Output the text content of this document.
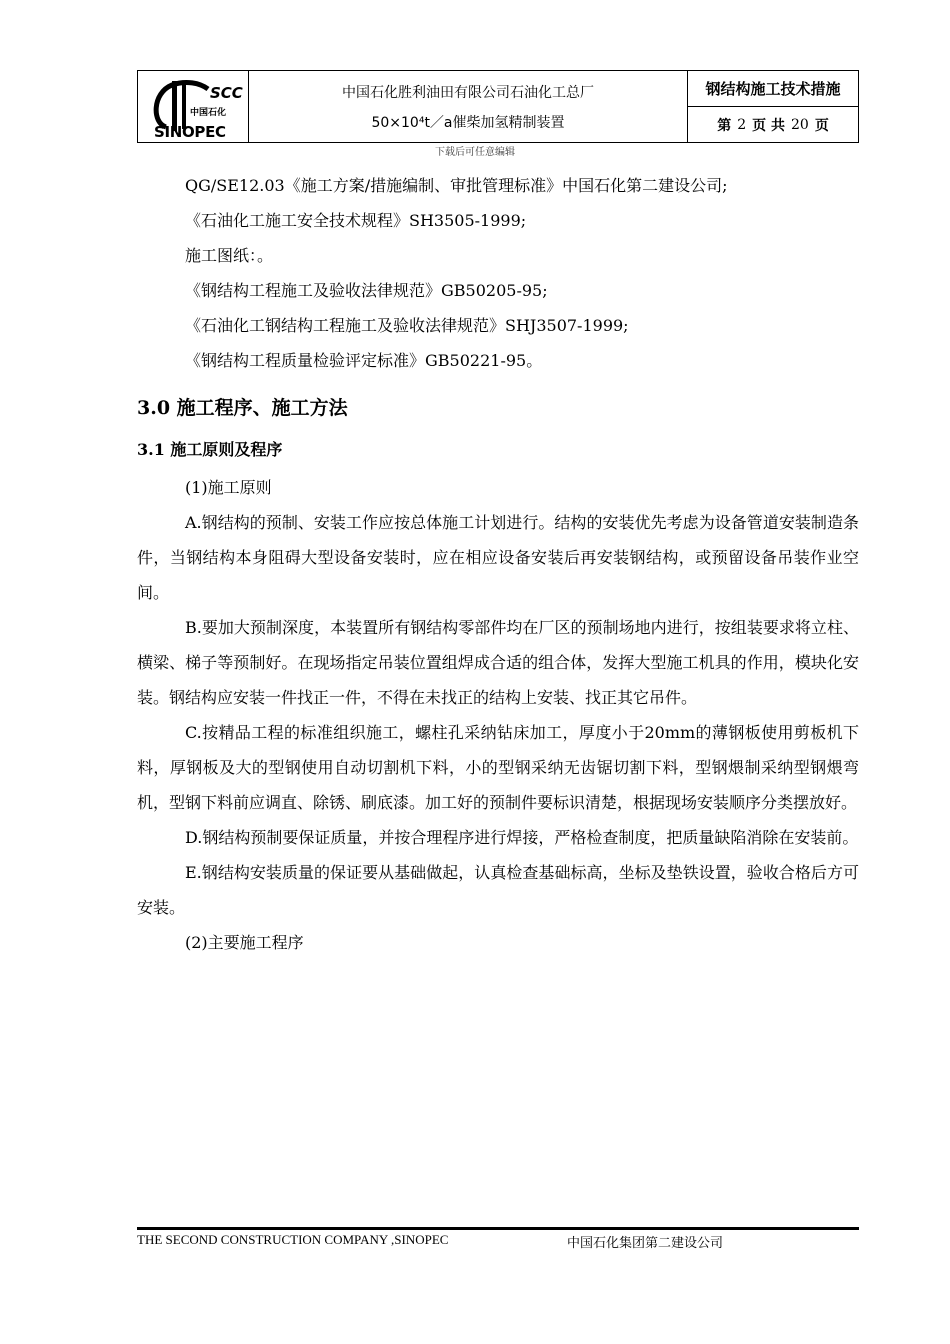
SCC
中国石化
SINOPEC
中国石化胜利油田有限公司石油化工总厂
50×10⁴t／a催柴加氢精制装置
钢结构施工技术措施
第 2 页 共 20 页
下载后可任意编辑
QG/SE12.03《施工方案/措施编制、审批管理标准》中国石化第二建设公司;
《石油化工施工安全技术规程》SH3505-1999;
施工图纸：。
《钢结构工程施工及验收法律规范》GB50205-95;
《石油化工钢结构工程施工及验收法律规范》SHJ3507-1999;
《钢结构工程质量检验评定标准》GB50221-95。
3.0 施工程序、施工方法
3.1 施工原则及程序
(1)施工原则
A.钢结构的预制、安装工作应按总体施工计划进行。结构的安装优先考虑为设备管道安装制造条件，当钢结构本身阻碍大型设备安装时，应在相应设备安装后再安装钢结构，或预留设备吊装作业空间。
B.要加大预制深度，本装置所有钢结构零部件均在厂区的预制场地内进行，按组装要求将立柱、横梁、梯子等预制好。在现场指定吊装位置组焊成合适的组合体，发挥大型施工机具的作用，模块化安装。钢结构应安装一件找正一件，不得在未找正的结构上安装、找正其它吊件。
C.按精品工程的标准组织施工，螺柱孔采纳钻床加工，厚度小于20mm的薄钢板使用剪板机下料，厚钢板及大的型钢使用自动切割机下料，小的型钢采纳无齿锯切割下料，型钢煨制采纳型钢煨弯机，型钢下料前应调直、除锈、刷底漆。加工好的预制件要标识清楚，根据现场安装顺序分类摆放好。
D.钢结构预制要保证质量，并按合理程序进行焊接，严格检查制度，把质量缺陷消除在安装前。
E.钢结构安装质量的保证要从基础做起，认真检查基础标高，坐标及垫铁设置，验收合格后方可安装。
(2)主要施工程序
THE SECOND CONSTRUCTION COMPANY ,SINOPEC	中国石化集团第二建设公司
